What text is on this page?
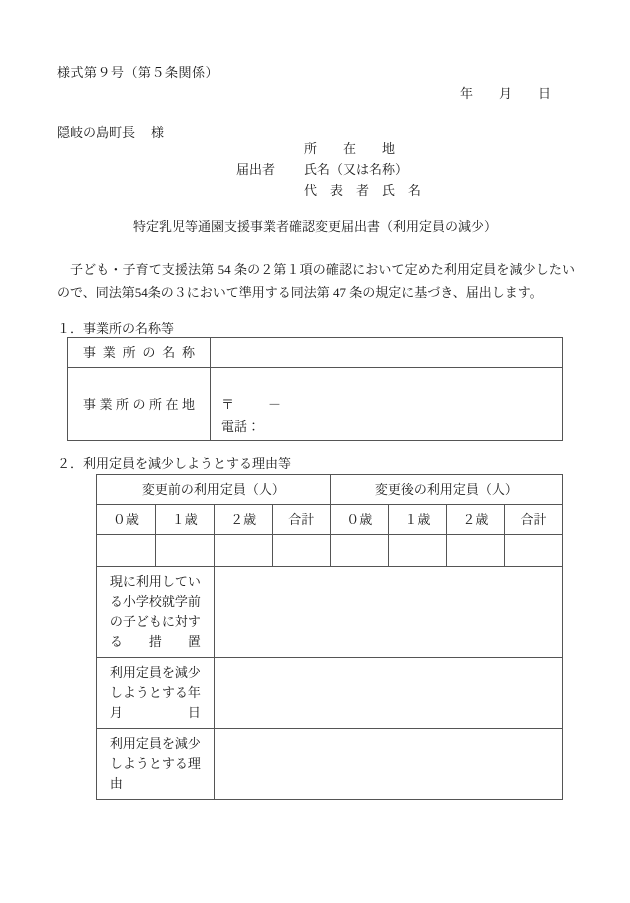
様式第９号（第５条関係）
年 月 日
隠岐の島町長 様
所　　在　　地
届出者	氏名（又は名称）
代　表　者　氏　名
特定乳児等通園支援事業者確認変更届出書（利用定員の減少）
子ども・子育て支援法第 54 条の２第１項の確認において定めた利用定員を減少したいので、同法第54条の３において準用する同法第 47 条の規定に基づき、届出します。
１．事業所の名称等
事業所の名称	
事業所の所在地	〒 －
電話：
２．利用定員を減少しようとする理由等
変更前の利用定員（人）				変更後の利用定員（人）			
０歳	１歳	２歳	合計	０歳	１歳	２歳	合計

現に利用している小学校就学前の子どもに対する措置							
利用定員を減少しようとする年月日							
利用定員を減少しようとする理由							
